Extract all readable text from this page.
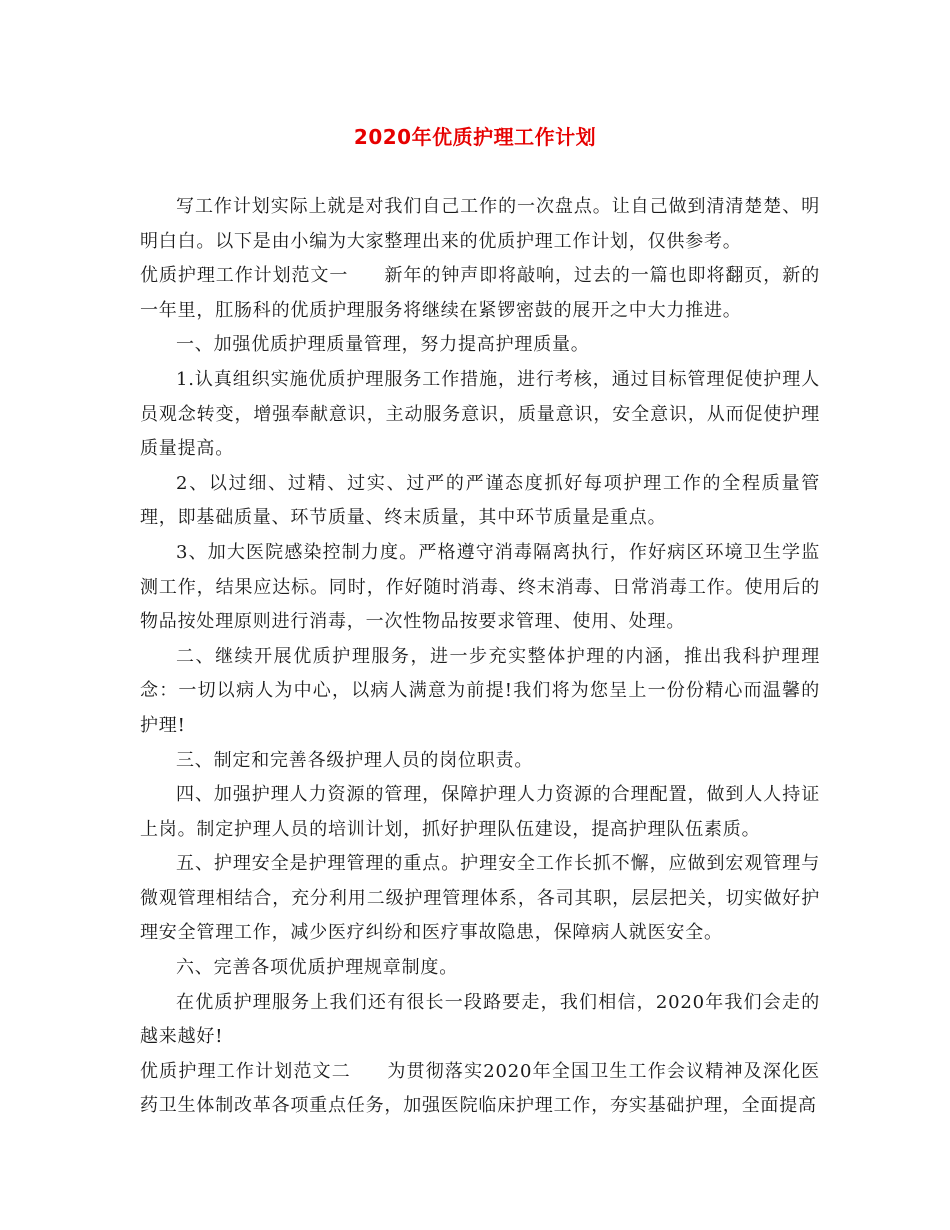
2020年优质护理工作计划

写工作计划实际上就是对我们自己工作的一次盘点。让自己做到清清楚楚、明明白白。以下是由小编为大家整理出来的优质护理工作计划，仅供参考。

优质护理工作计划范文一 新年的钟声即将敲响，过去的一篇也即将翻页，新的一年里，肛肠科的优质护理服务将继续在紧锣密鼓的展开之中大力推进。

一、加强优质护理质量管理，努力提高护理质量。

1.认真组织实施优质护理服务工作措施，进行考核，通过目标管理促使护理人员观念转变，增强奉献意识，主动服务意识，质量意识，安全意识，从而促使护理质量提高。

2、以过细、过精、过实、过严的严谨态度抓好每项护理工作的全程质量管理，即基础质量、环节质量、终末质量，其中环节质量是重点。

3、加大医院感染控制力度。严格遵守消毒隔离执行，作好病区环境卫生学监测工作，结果应达标。同时，作好随时消毒、终末消毒、日常消毒工作。使用后的物品按处理原则进行消毒，一次性物品按要求管理、使用、处理。

二、继续开展优质护理服务，进一步充实整体护理的内涵，推出我科护理理念：一切以病人为中心，以病人满意为前提!我们将为您呈上一份份精心而温馨的护理!

三、制定和完善各级护理人员的岗位职责。

四、加强护理人力资源的管理，保障护理人力资源的合理配置，做到人人持证上岗。制定护理人员的培训计划，抓好护理队伍建设，提高护理队伍素质。

五、护理安全是护理管理的重点。护理安全工作长抓不懈，应做到宏观管理与微观管理相结合，充分利用二级护理管理体系，各司其职，层层把关，切实做好护理安全管理工作，减少医疗纠纷和医疗事故隐患，保障病人就医安全。

六、完善各项优质护理规章制度。

在优质护理服务上我们还有很长一段路要走，我们相信，2020年我们会走的越来越好!

优质护理工作计划范文二 为贯彻落实2020年全国卫生工作会议精神及深化医药卫生体制改革各项重点任务，加强医院临床护理工作，夯实基础护理，全面提高
